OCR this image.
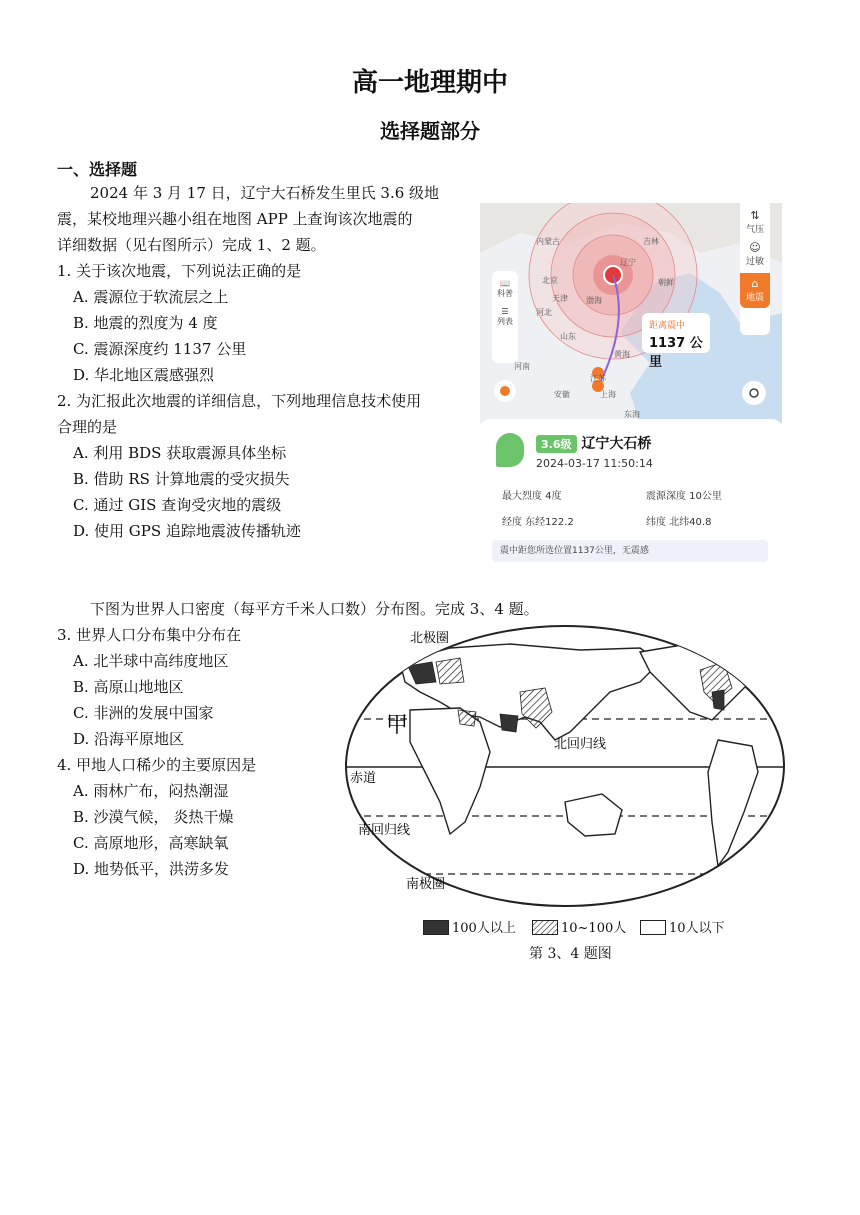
高一地理期中
选择题部分
一、选择题
2024 年 3 月 17 日，辽宁大石桥发生里氏 3.6 级地
震，某校地理兴趣小组在地图 APP 上查询该次地震的
详细数据（见右图所示）完成 1、2 题。
1. 关于该次地震，下列说法正确的是
A. 震源位于软流层之上
B. 地震的烈度为 4 度
C. 震源深度约 1137 公里
D. 华北地区震感强烈
2. 为汇报此次地震的详细信息，下列地理信息技术使用
合理的是
A. 利用 BDS 获取震源具体坐标
B. 借助 RS 计算地震的受灾损失
C. 通过 GIS 查询受灾地的震级
D. 使用 GPS 追踪地震波传播轨迹
内蒙古	吉林
辽宁
北京
天津
朝鲜
河北
渤海
山东
河南
黄海
江苏
安徽	上海
东海
📖
科普
☰
列表
⇅
气压
☺
过敏
⌂
地震
距离震中
1137 公里
3.6级 辽宁大石桥
2024-03-17 11:50:14
最大烈度 4度	震源深度 10公里
经度 东经122.2	纬度 北纬40.8
震中距您所选位置1137公里，无震感
下图为世界人口密度（每平方千米人口数）分布图。完成 3、4 题。
3. 世界人口分布集中分布在
A. 北半球中高纬度地区
B. 高原山地地区
C. 非洲的发展中国家
D. 沿海平原地区
4. 甲地人口稀少的主要原因是
A. 雨林广布，闷热潮湿
B. 沙漠气候， 炎热干燥
C. 高原地形，高寒缺氧
D. 地势低平，洪涝多发
北极圈
甲
北回归线
赤道
南回归线
南极圈
100人以上	10~100人	10人以下
第 3、4 题图
